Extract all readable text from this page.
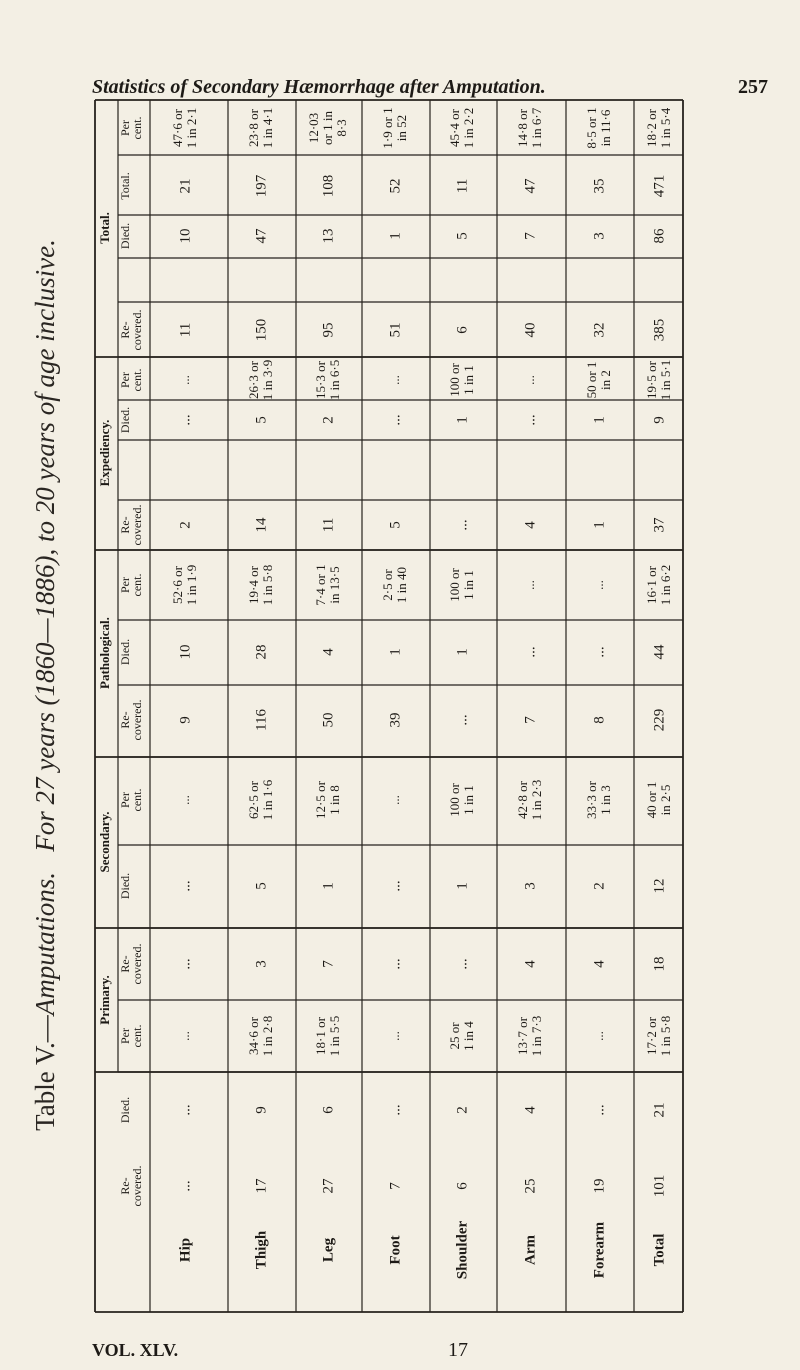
Table V.—Amputations.   For 27 years (1860—1886), to 20 years of age inclusive.
Statistics of Secondary Hæmorrhage after Amputation.	257
Total.
Expediency.
Pathological.
Secondary.
Primary.
Per
cent.
Total.
Died.
Re-
covered.
Per
cent.
Died.
Re-
covered.
Per
cent.
Died.
Re-
covered.
Per
cent.
Died.
Re-
covered.
Per
cent.
Died.
Re-
covered.
47·6 or 1 in 2·1
21
10
11
...
...
2
52·6 or 1 in 1·9
10
9
...
...
...
...
...
...
Hip
23·8 or 1 in 4·1
197
47
150
26·3 or 1 in 3·9
5
14
19·4 or 1 in 5·8
28
116
62·5 or 1 in 1·6
5
3
34·6 or 1 in 2·8
9
17
Thigh
12·03 or 1 in 8·3
108
13
95
15·3 or 1 in 6·5
2
11
7·4 or 1 in 13·5
4
50
12·5 or 1 in 8
1
7
18·1 or 1 in 5·5
6
27
Leg
1·9 or 1 in 52
52
1
51
...
...
5
2·5 or 1 in 40
1
39
...
...
...
...
...
7
Foot
45·4 or 1 in 2·2
11
5
6
100 or 1 in 1
1
...
100 or 1 in 1
1
...
100 or 1 in 1
1
...
25 or 1 in 4
2
6
Shoulder
14·8 or 1 in 6·7
47
7
40
...
...
4
...
...
7
42·8 or 1 in 2·3
3
4
13·7 or 1 in 7·3
4
25
Arm
8·5 or 1 in 11·6
35
3
32
50 or 1 in 2
1
1
...
...
8
33·3 or 1 in 3
2
4
...
...
19
Forearm
18·2 or 1 in 5·4
471
86
385
19·5 or 1 in 5·1
9
37
16·1 or 1 in 6·2
44
229
40 or 1 in 2·5
12
18
17·2 or 1 in 5·8
21
101
Total
VOL. XLV.	17
